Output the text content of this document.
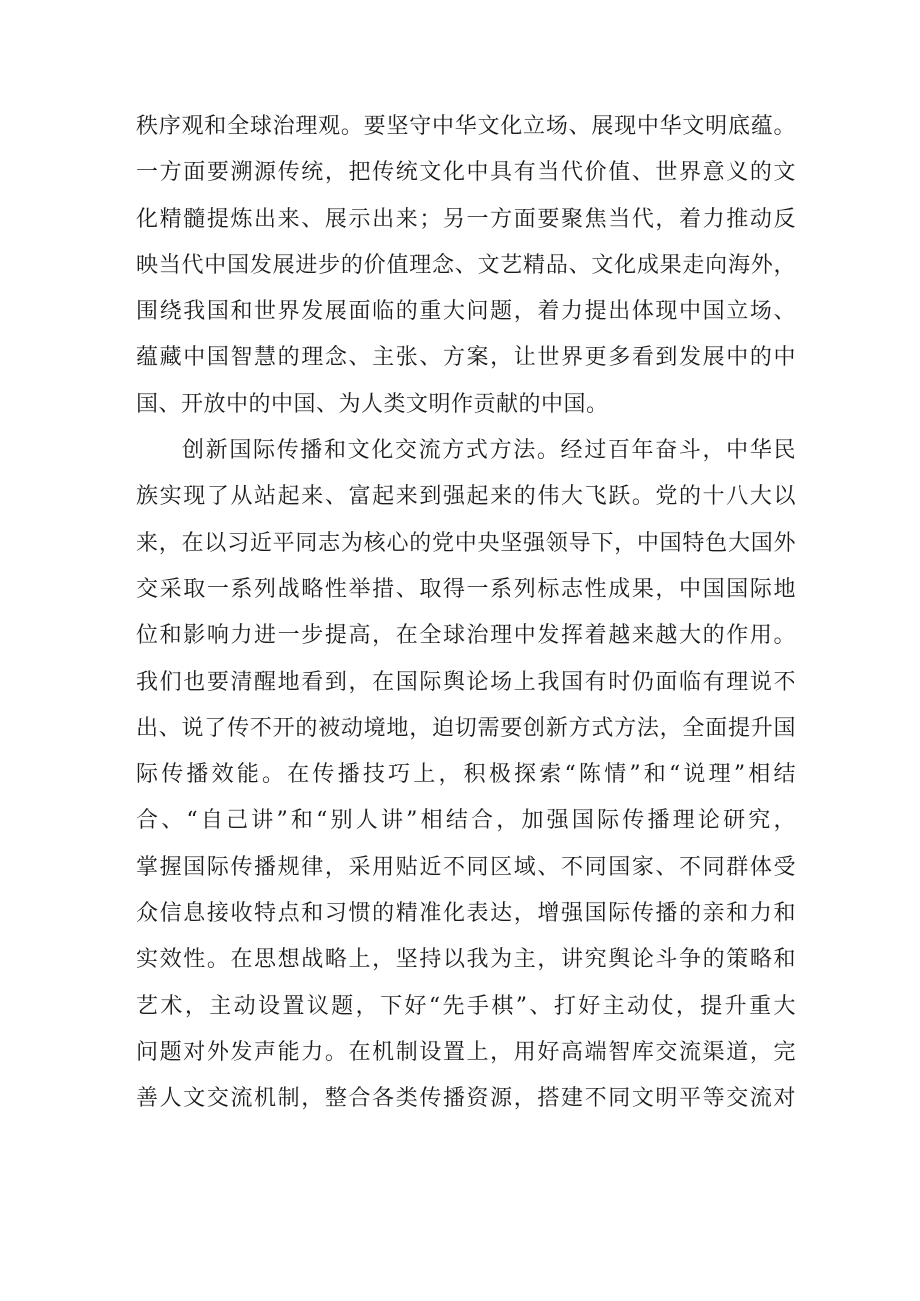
秩序观和全球治理观。要坚守中华文化立场、展现中华文明底蕴。
一方面要溯源传统，把传统文化中具有当代价值、世界意义的文
化精髓提炼出来、展示出来；另一方面要聚焦当代，着力推动反
映当代中国发展进步的价值理念、文艺精品、文化成果走向海外，
围绕我国和世界发展面临的重大问题，着力提出体现中国立场、
蕴藏中国智慧的理念、主张、方案，让世界更多看到发展中的中
国、开放中的中国、为人类文明作贡献的中国。
创新国际传播和文化交流方式方法。经过百年奋斗，中华民
族实现了从站起来、富起来到强起来的伟大飞跃。党的十八大以
来，在以习近平同志为核心的党中央坚强领导下，中国特色大国外
交采取一系列战略性举措、取得一系列标志性成果，中国国际地
位和影响力进一步提高，在全球治理中发挥着越来越大的作用。
我们也要清醒地看到，在国际舆论场上我国有时仍面临有理说不
出、说了传不开的被动境地，迫切需要创新方式方法，全面提升国
际传播效能。在传播技巧上，积极探索“陈情”和“说理”相结
合、“自己讲”和“别人讲”相结合，加强国际传播理论研究，
掌握国际传播规律，采用贴近不同区域、不同国家、不同群体受
众信息接收特点和习惯的精准化表达，增强国际传播的亲和力和
实效性。在思想战略上，坚持以我为主，讲究舆论斗争的策略和
艺术，主动设置议题，下好“先手棋”、打好主动仗，提升重大
问题对外发声能力。在机制设置上，用好高端智库交流渠道，完
善人文交流机制，整合各类传播资源，搭建不同文明平等交流对
